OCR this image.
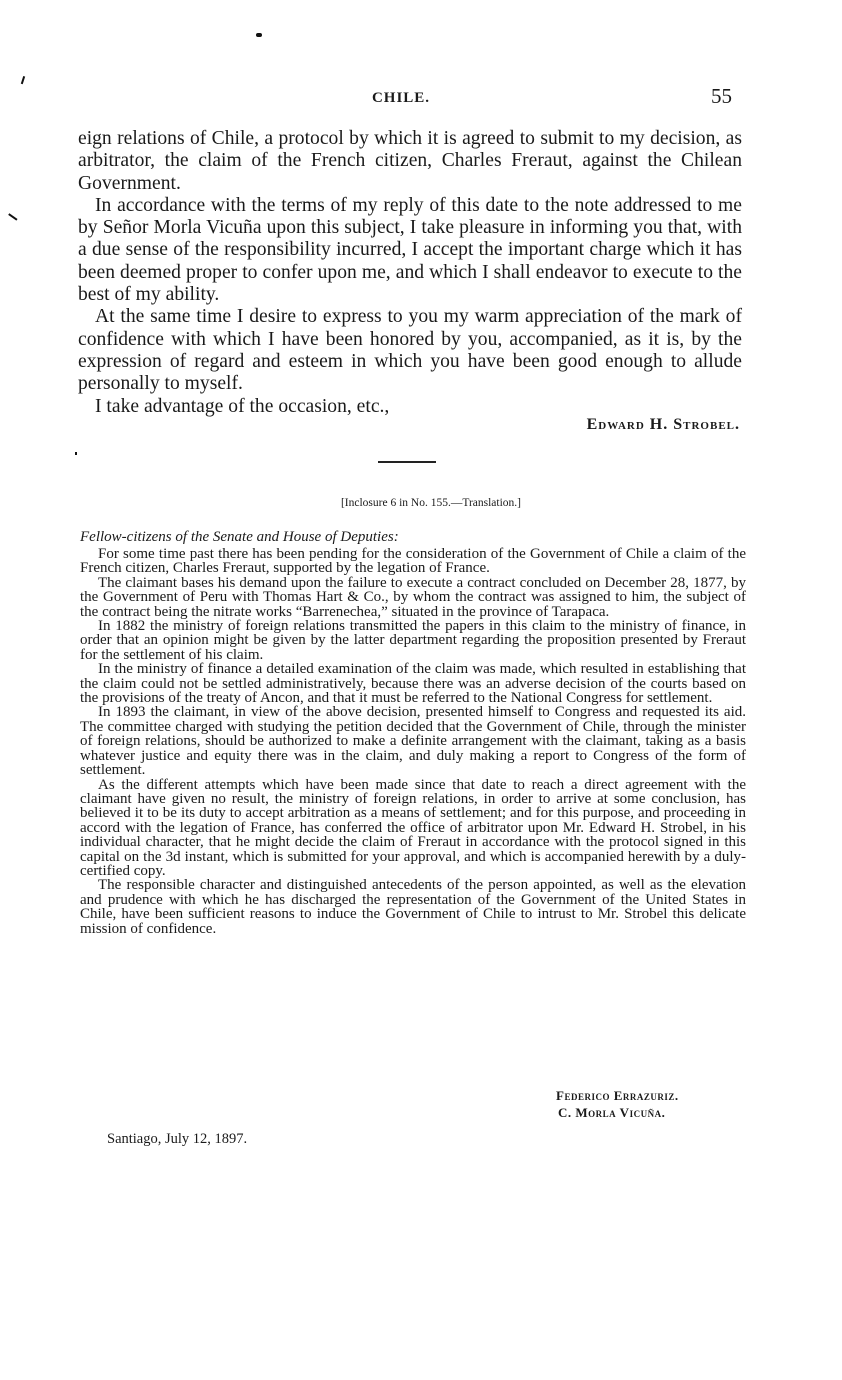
CHILE.	55

eign relations of Chile, a protocol by which it is agreed to submit to my decision, as arbitrator, the claim of the French citizen, Charles Freraut, against the Chilean Government.

In accordance with the terms of my reply of this date to the note addressed to me by Señor Morla Vicuña upon this subject, I take pleasure in informing you that, with a due sense of the responsibility incurred, I accept the important charge which it has been deemed proper to confer upon me, and which I shall endeavor to execute to the best of my ability.

At the same time I desire to express to you my warm appreciation of the mark of confidence with which I have been honored by you, accompanied, as it is, by the expression of regard and esteem in which you have been good enough to allude personally to myself.

I take advantage of the occasion, etc.,

Edward H. Strobel.
[Inclosure 6 in No. 155.—Translation.]
Fellow-citizens of the Senate and House of Deputies:

For some time past there has been pending for the consideration of the Government of Chile a claim of the French citizen, Charles Freraut, supported by the legation of France.

The claimant bases his demand upon the failure to execute a contract concluded on December 28, 1877, by the Government of Peru with Thomas Hart & Co., by whom the contract was assigned to him, the subject of the contract being the nitrate works “Barrenechea,” situated in the province of Tarapaca.

In 1882 the ministry of foreign relations transmitted the papers in this claim to the ministry of finance, in order that an opinion might be given by the latter department regarding the proposition presented by Freraut for the settlement of his claim.

In the ministry of finance a detailed examination of the claim was made, which resulted in establishing that the claim could not be settled administratively, because there was an adverse decision of the courts based on the provisions of the treaty of Ancon, and that it must be referred to the National Congress for settlement.

In 1893 the claimant, in view of the above decision, presented himself to Congress and requested its aid. The committee charged with studying the petition decided that the Government of Chile, through the minister of foreign relations, should be authorized to make a definite arrangement with the claimant, taking as a basis whatever justice and equity there was in the claim, and duly making a report to Congress of the form of settlement.

As the different attempts which have been made since that date to reach a direct agreement with the claimant have given no result, the ministry of foreign relations, in order to arrive at some conclusion, has believed it to be its duty to accept arbitration as a means of settlement; and for this purpose, and proceeding in accord with the legation of France, has conferred the office of arbitrator upon Mr. Edward H. Strobel, in his individual character, that he might decide the claim of Freraut in accordance with the protocol signed in this capital on the 3d instant, which is submitted for your approval, and which is accompanied herewith by a duly-certified copy.

The responsible character and distinguished antecedents of the person appointed, as well as the elevation and prudence with which he has discharged the representation of the Government of the United States in Chile, have been sufficient reasons to induce the Government of Chile to intrust to Mr. Strobel this delicate mission of confidence.

Federico Errazuriz.
C. Morla Vicuña.
Santiago, July 12, 1897.
